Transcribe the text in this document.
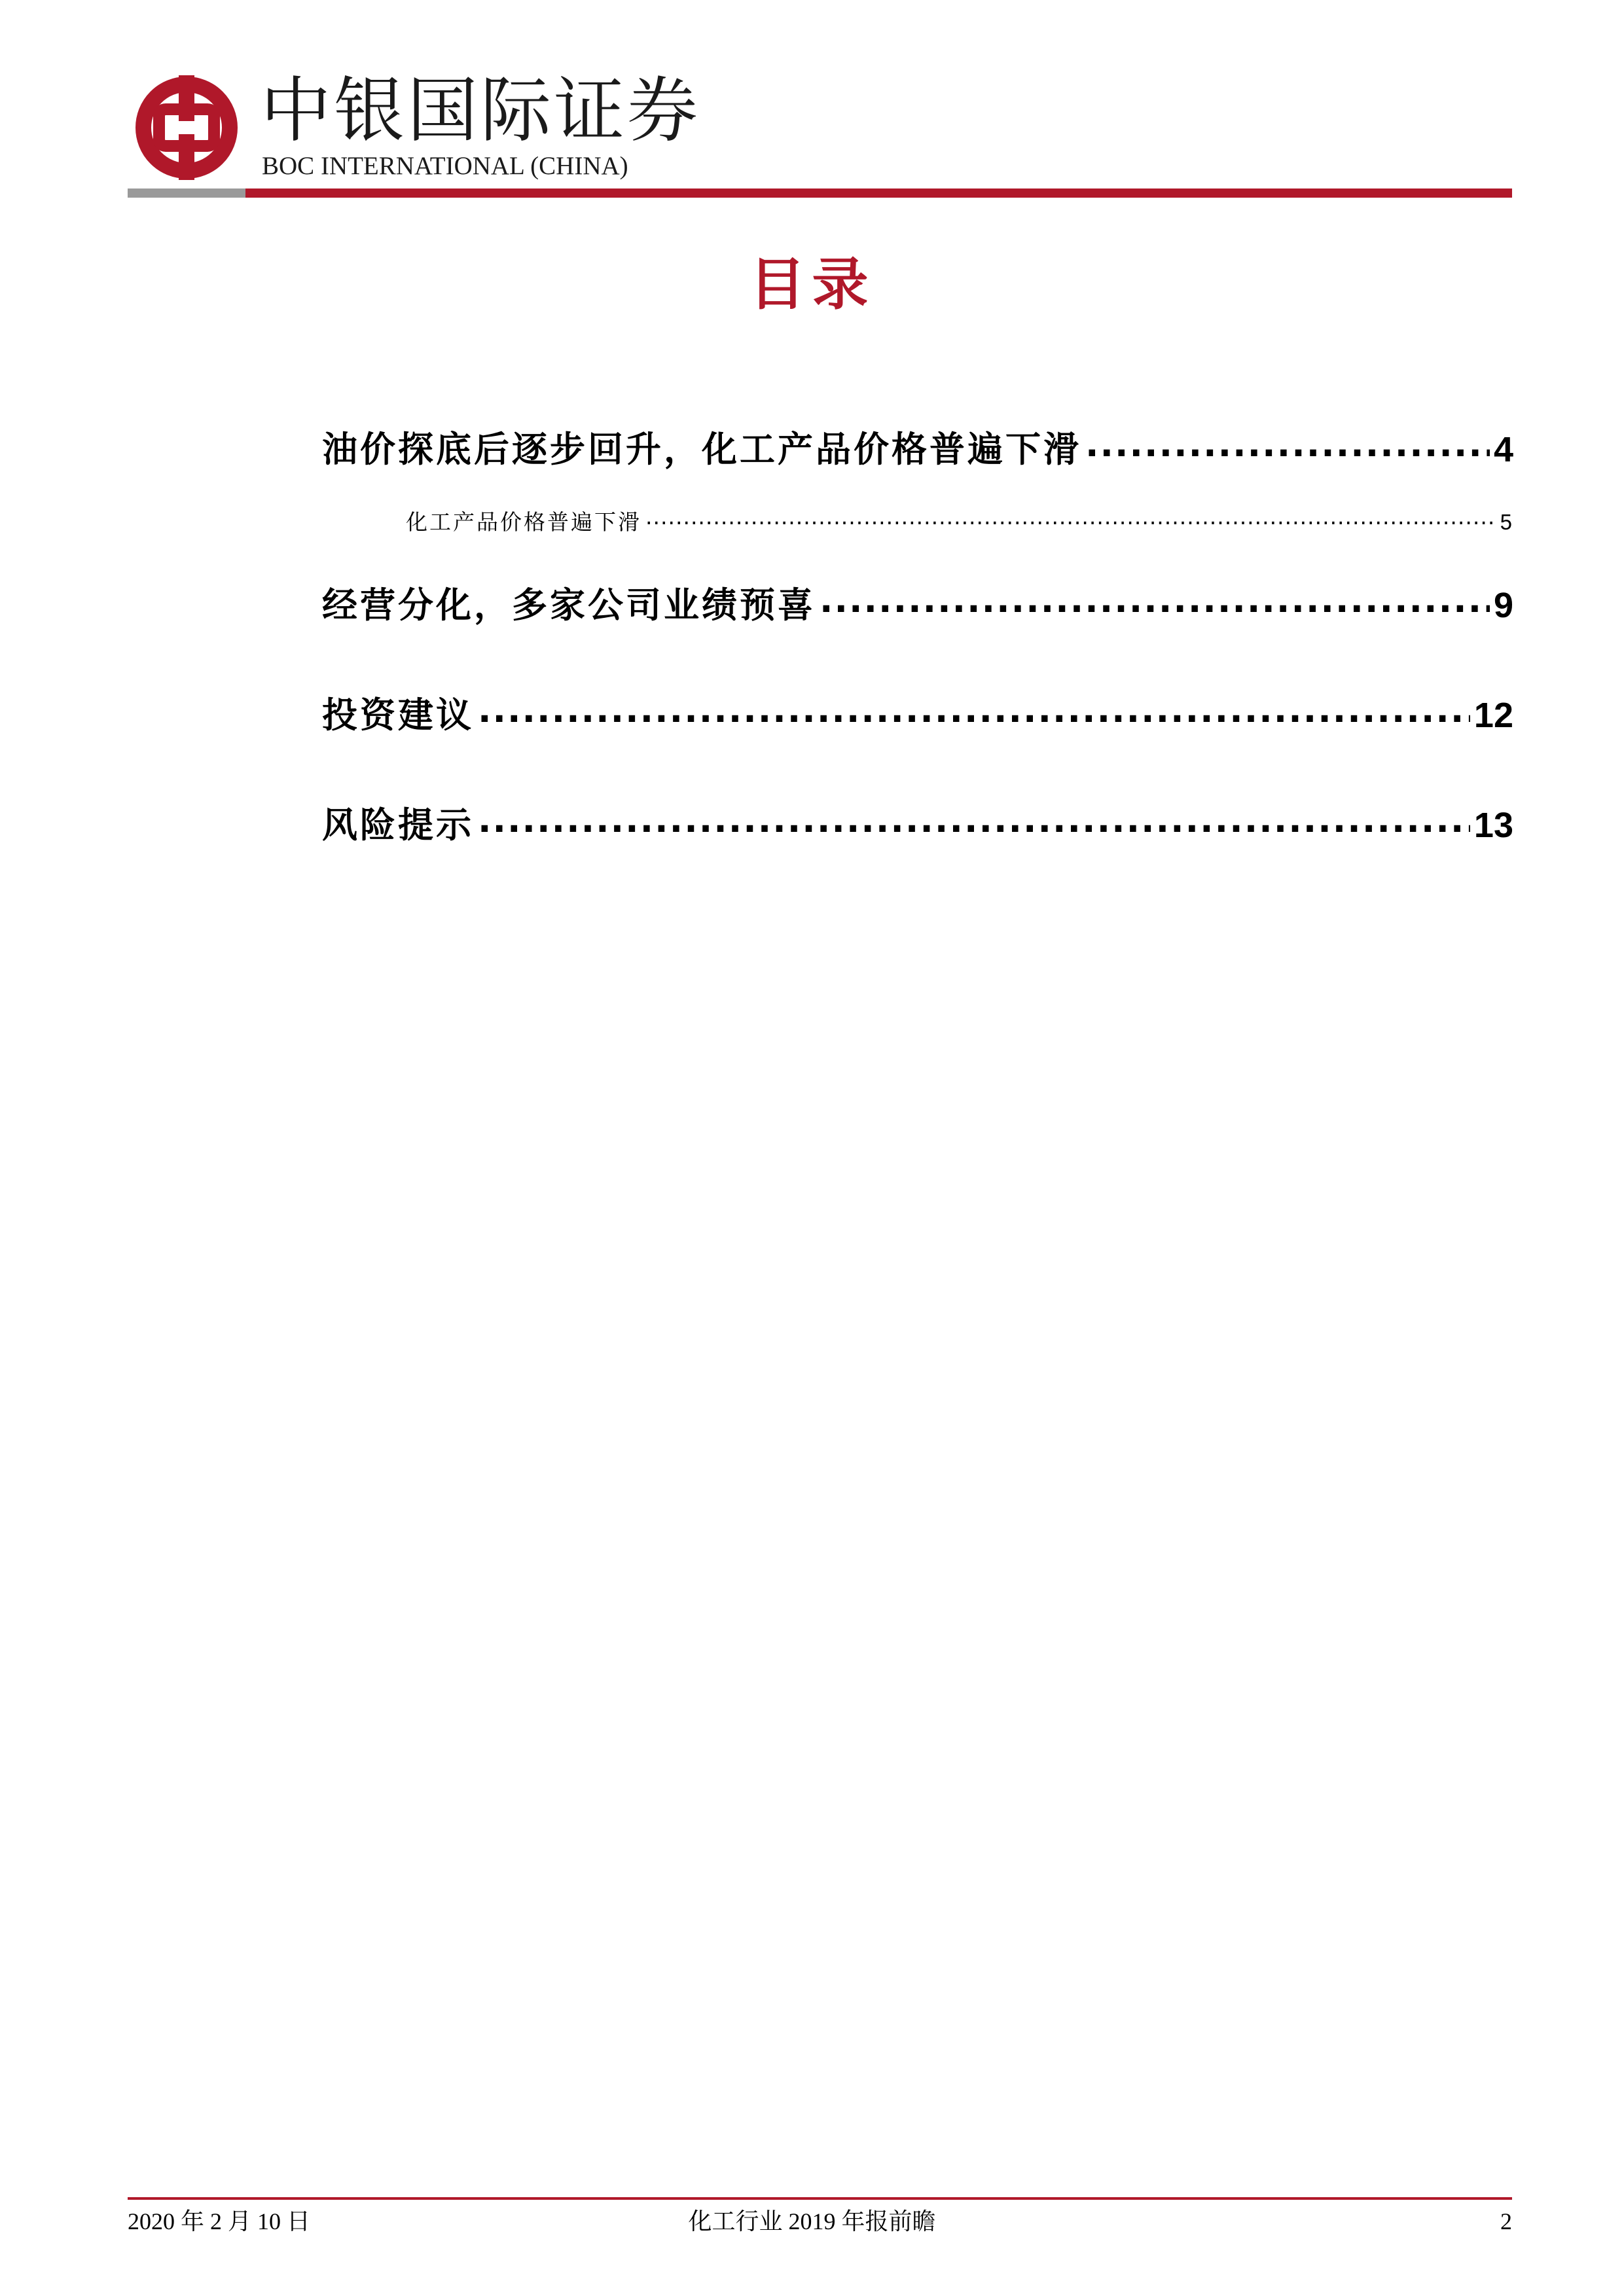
中银国际证券
BOC INTERNATIONAL (CHINA)
目录
油价探底后逐步回升，化工产品价格普遍下滑 .....	4
化工产品价格普遍下滑 .....	5
经营分化，多家公司业绩预喜 .....	9
投资建议 .....	12
风险提示 .....	13
2020 年 2 月 10 日	化工行业 2019 年报前瞻	2
